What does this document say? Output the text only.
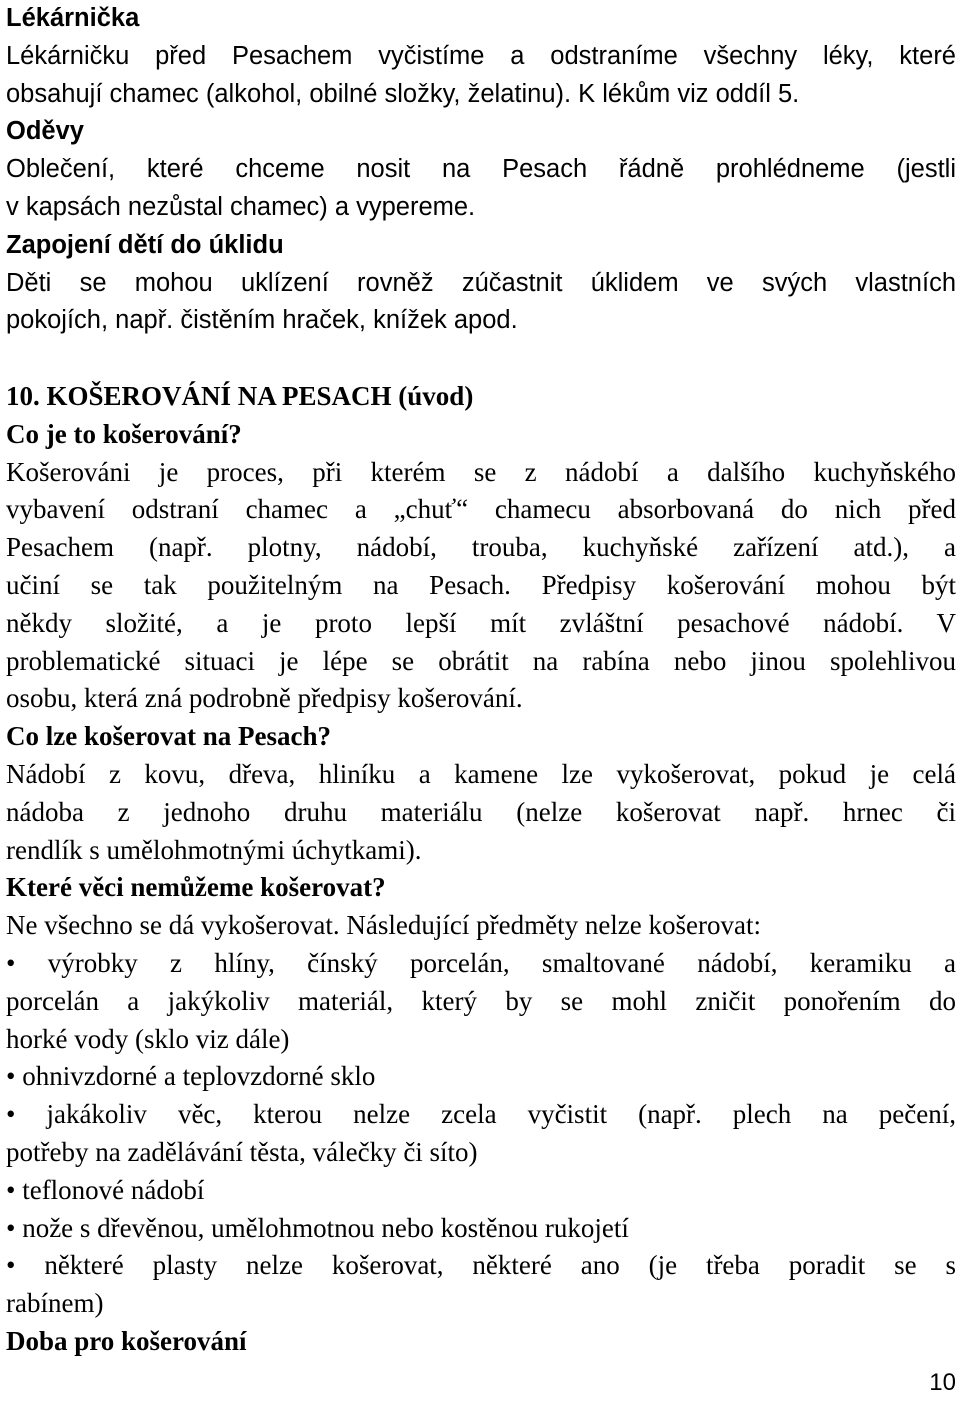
Lékárnička
Lékárničku před Pesachem vyčistíme a odstraníme všechny léky, které
obsahují chamec (alkohol, obilné složky, želatinu). K lékům viz oddíl 5.
Oděvy
Oblečení, které chceme nosit na Pesach řádně prohlédneme (jestli
v kapsách nezůstal chamec) a vypereme.
Zapojení dětí do úklidu
Děti se mohou uklízení rovněž zúčastnit úklidem ve svých vlastních
pokojích, např. čistěním hraček, knížek apod.
10. KOŠEROVÁNÍ NA PESACH (úvod)
Co je to košerování?
Košerováni je proces, při kterém se z nádobí a dalšího kuchyňského
vybavení odstraní chamec a „chuť“ chamecu absorbovaná do nich před
Pesachem (např. plotny, nádobí, trouba, kuchyňské zařízení atd.), a
učiní se tak použitelným na Pesach. Předpisy košerování mohou být
někdy složité, a je proto lepší mít zvláštní pesachové nádobí. V
problematické situaci je lépe se obrátit na rabína nebo jinou spolehlivou
osobu, která zná podrobně předpisy košerování.
Co lze košerovat na Pesach?
Nádobí z kovu, dřeva, hliníku a kamene lze vykošerovat, pokud je celá
nádoba z jednoho druhu materiálu (nelze košerovat např. hrnec či
rendlík s umělohmotnými úchytkami).
Které věci nemůžeme košerovat?
Ne všechno se dá vykošerovat. Následující předměty nelze košerovat:
• výrobky z hlíny, čínský porcelán, smaltované nádobí, keramiku a
porcelán a jakýkoliv materiál, který by se mohl zničit ponořením do
horké vody (sklo viz dále)
• ohnivzdorné a teplovzdorné sklo
• jakákoliv věc, kterou nelze zcela vyčistit (např. plech na pečení,
potřeby na zadělávání těsta, válečky či síto)
• teflonové nádobí
• nože s dřevěnou, umělohmotnou nebo kostěnou rukojetí
• některé plasty nelze košerovat, některé ano (je třeba poradit se s
rabínem)
Doba pro košerování
10
